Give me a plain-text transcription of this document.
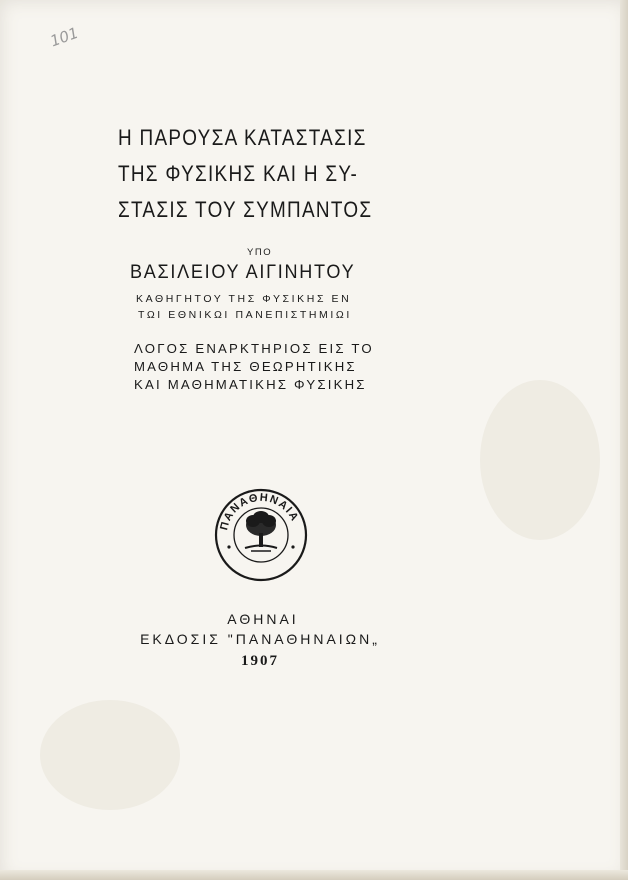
101
Η ΠΑΡΟΥΣΑ ΚΑΤΑΣΤΑΣΙΣ
ΤΗΣ ΦΥΣΙΚΗΣ ΚΑΙ Η ΣΥ-
ΣΤΑΣΙΣ ΤΟΥ ΣΥΜΠΑΝΤΟΣ
ΥΠΟ
ΒΑΣΙΛΕΙΟΥ ΑΙΓΙΝΗΤΟΥ
ΚΑΘΗΓΗΤΟΥ ΤΗΣ ΦΥΣΙΚΗΣ ΕΝ
ΤΩΙ ΕΘΝΙΚΩΙ ΠΑΝΕΠΙΣΤΗΜΙΩΙ
ΛΟΓΟΣ ΕΝΑΡΚΤΗΡΙΟΣ ΕΙΣ ΤΟ
ΜΑΘΗΜΑ ΤΗΣ ΘΕΩΡΗΤΙΚΗΣ
ΚΑΙ ΜΑΘΗΜΑΤΙΚΗΣ ΦΥΣΙΚΗΣ
ΠΑΝΑΘΗΝΑΙΑ
ΑΘΗΝΑΙ
ΕΚΔΟΣΙΣ "ΠΑΝΑΘΗΝΑΙΩΝ„
1907
